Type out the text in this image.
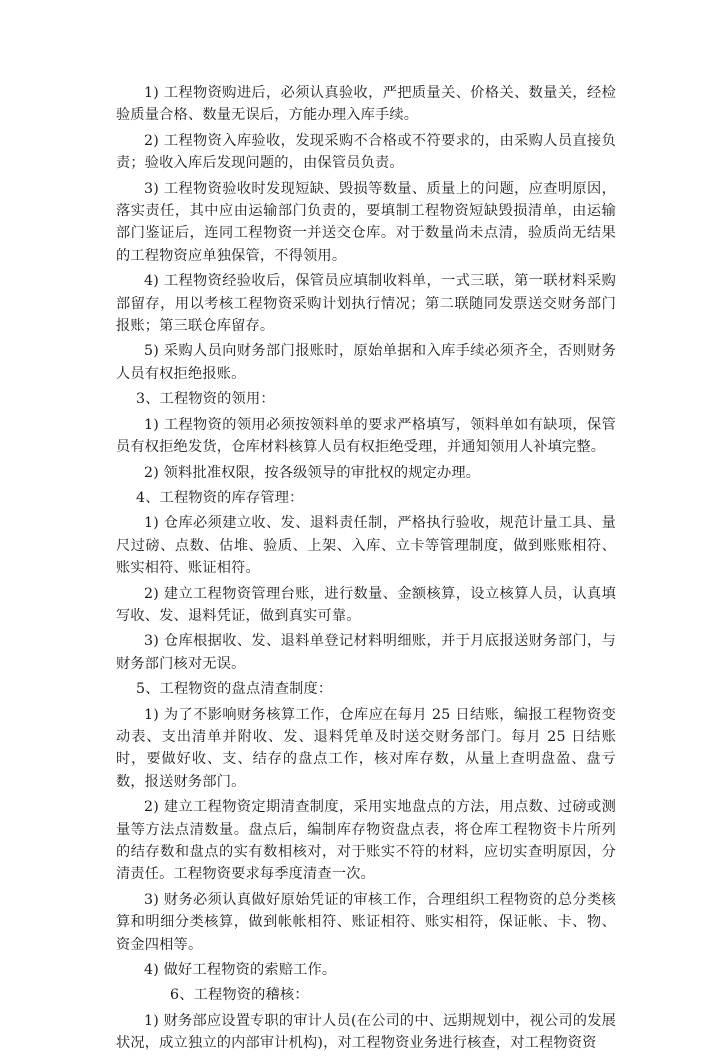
1) 工程物资购进后，必须认真验收，严把质量关、价格关、数量关，经检验质量合格、数量无误后，方能办理入库手续。

2) 工程物资入库验收，发现采购不合格或不符要求的，由采购人员直接负责；验收入库后发现问题的，由保管员负责。

3) 工程物资验收时发现短缺、毁损等数量、质量上的问题，应查明原因，落实责任，其中应由运输部门负责的，要填制工程物资短缺毁损清单，由运输部门鉴证后，连同工程物资一并送交仓库。对于数量尚未点清，验质尚无结果的工程物资应单独保管，不得领用。

4) 工程物资经验收后，保管员应填制收料单，一式三联，第一联材料采购部留存，用以考核工程物资采购计划执行情况；第二联随同发票送交财务部门报账；第三联仓库留存。

5) 采购人员向财务部门报账时，原始单据和入库手续必须齐全，否则财务人员有权拒绝报账。

3、工程物资的领用：

1) 工程物资的领用必须按领料单的要求严格填写，领料单如有缺项，保管员有权拒绝发货，仓库材料核算人员有权拒绝受理，并通知领用人补填完整。

2) 领料批准权限，按各级领导的审批权的规定办理。

4、工程物资的库存管理：

1) 仓库必须建立收、发、退料责任制，严格执行验收，规范计量工具、量尺过磅、点数、估堆、验质、上架、入库、立卡等管理制度，做到账账相符、账实相符、账证相符。

2) 建立工程物资管理台账，进行数量、金额核算，设立核算人员，认真填写收、发、退料凭证，做到真实可靠。

3) 仓库根据收、发、退料单登记材料明细账，并于月底报送财务部门，与财务部门核对无误。

5、工程物资的盘点清查制度：

1) 为了不影响财务核算工作，仓库应在每月 25 日结账，编报工程物资变动表、支出清单并附收、发、退料凭单及时送交财务部门。每月 25 日结账时，要做好收、支、结存的盘点工作，核对库存数，从量上查明盘盈、盘亏数，报送财务部门。

2) 建立工程物资定期清查制度，采用实地盘点的方法，用点数、过磅或测量等方法点清数量。盘点后，编制库存物资盘点表，将仓库工程物资卡片所列的结存数和盘点的实有数相核对，对于账实不符的材料，应切实查明原因，分清责任。工程物资要求每季度清查一次。

3) 财务必须认真做好原始凭证的审核工作，合理组织工程物资的总分类核算和明细分类核算，做到帐帐相符、账证相符、账实相符，保证帐、卡、物、资金四相等。

4) 做好工程物资的索赔工作。

6、工程物资的稽核：

1) 财务部应设置专职的审计人员(在公司的中、远期规划中，视公司的发展状况，成立独立的内部审计机构)，对工程物资业务进行核查，对工程物资资
